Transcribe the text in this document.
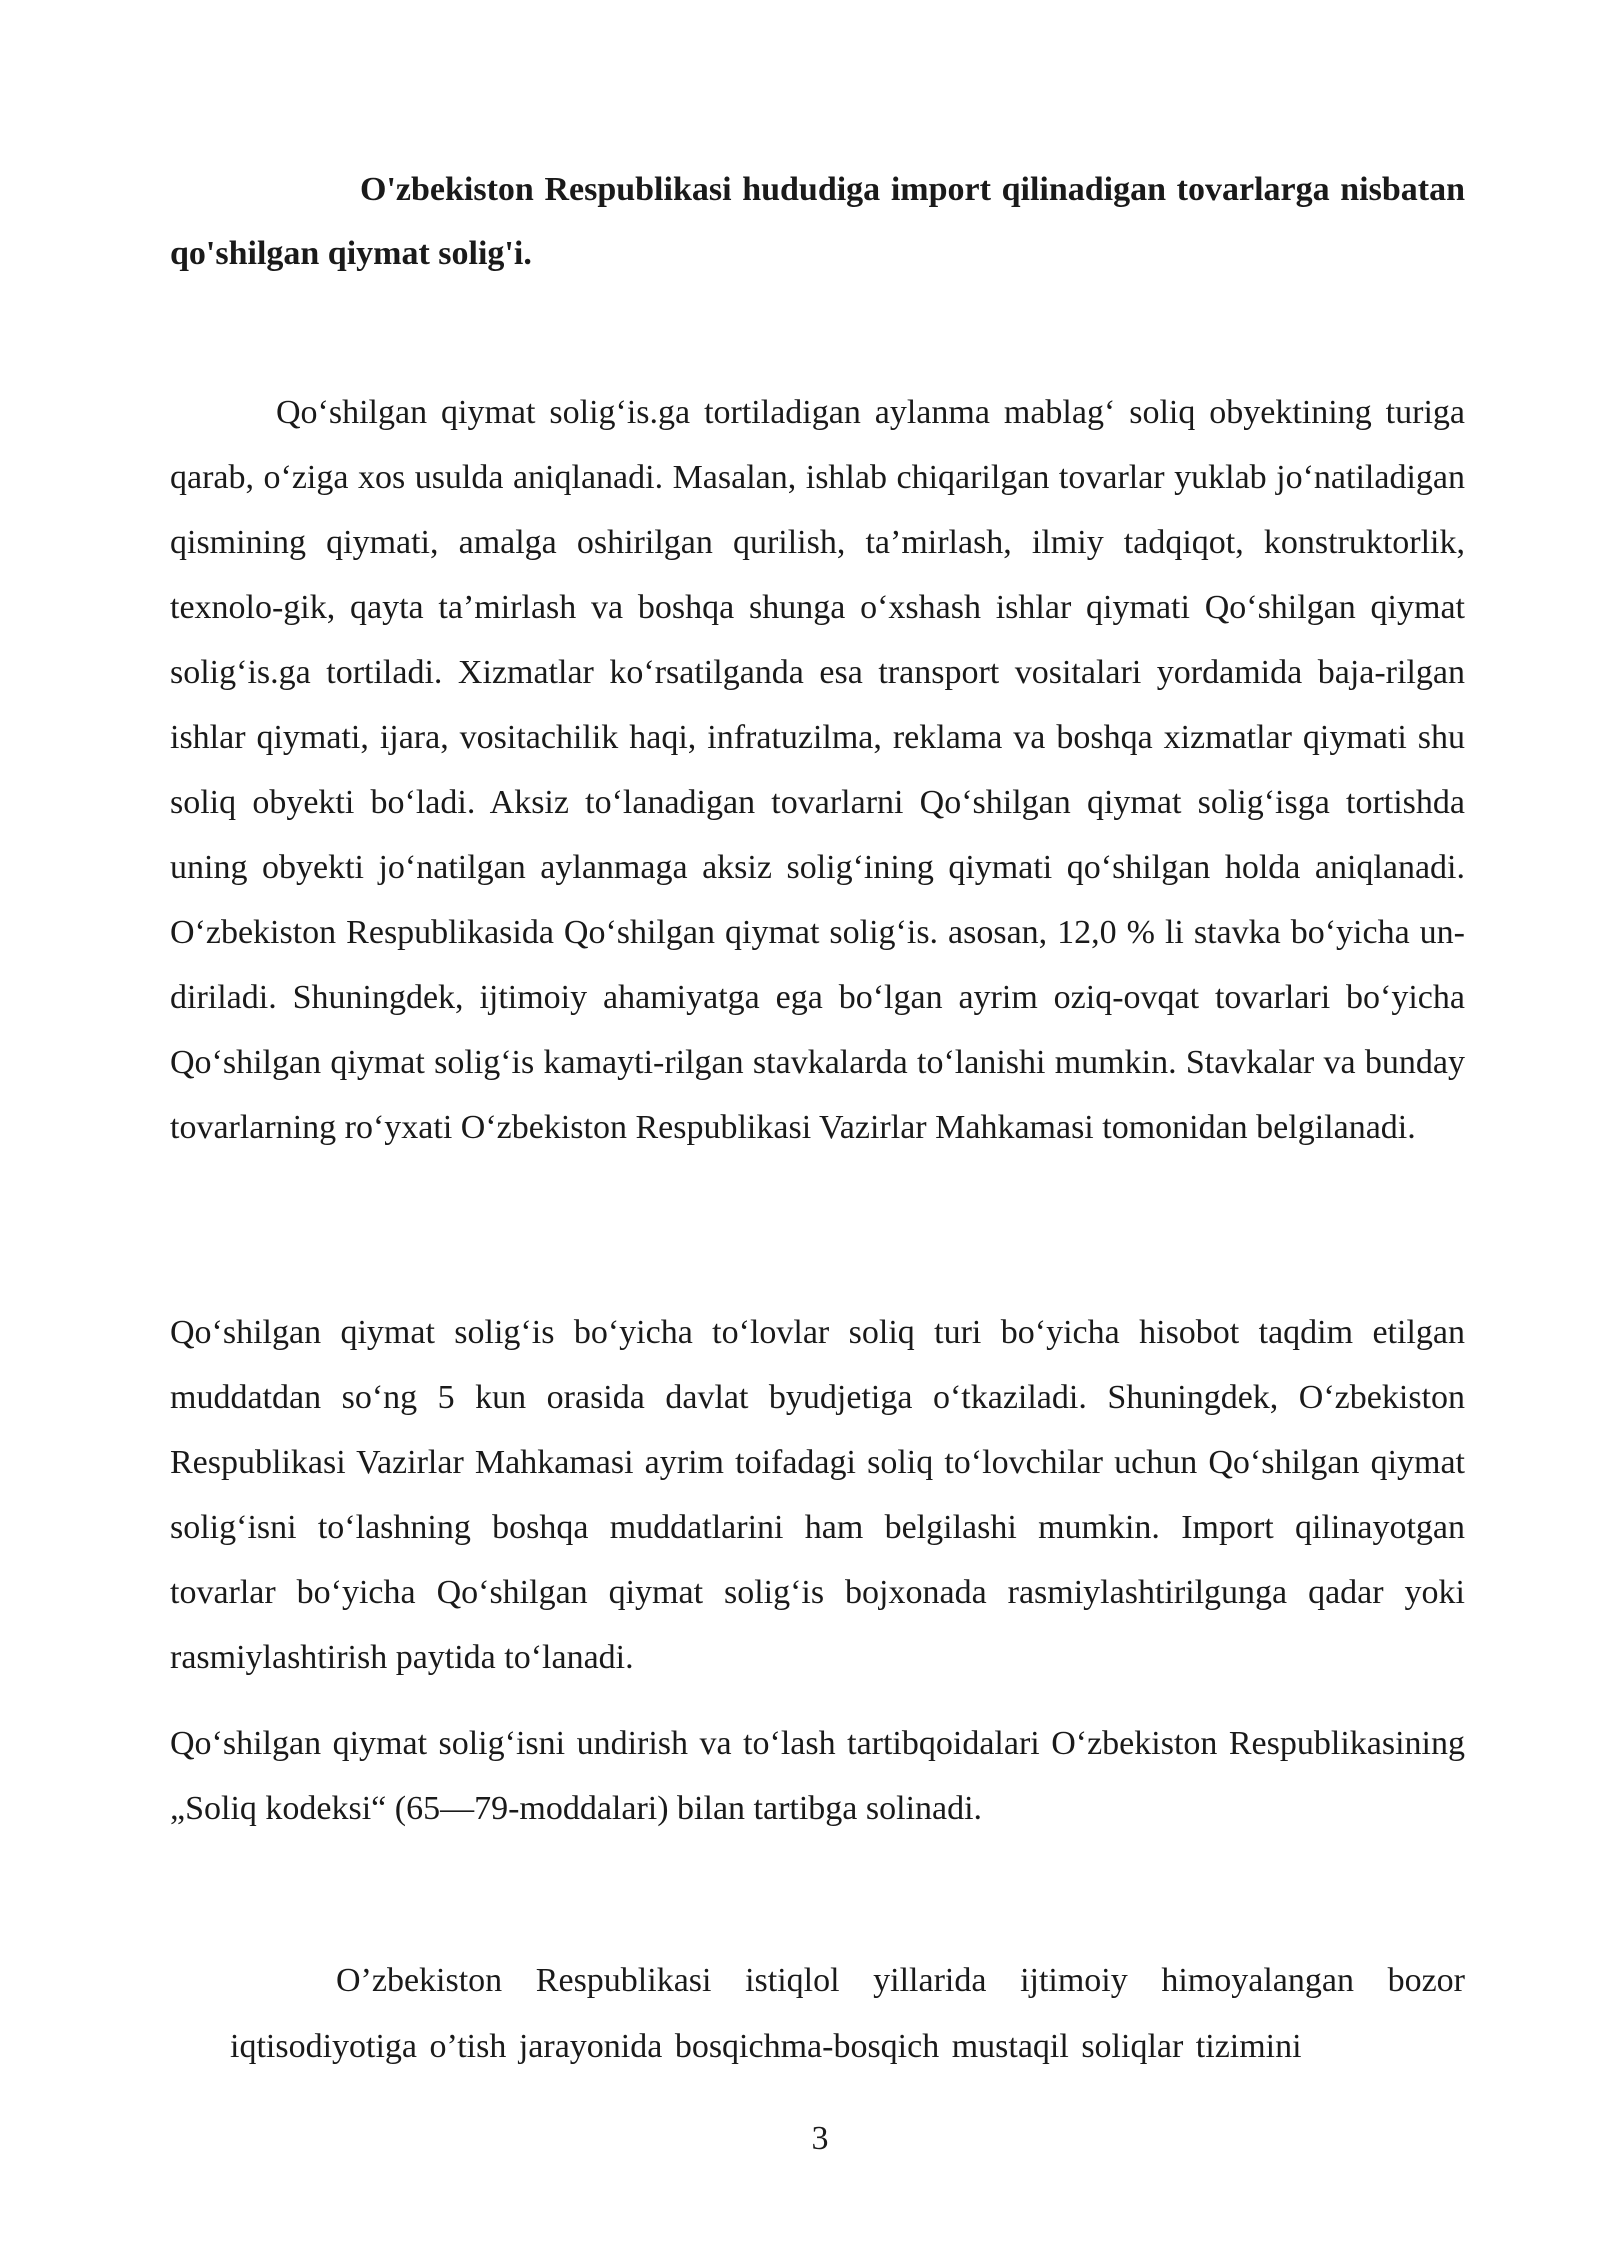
O'zbekiston Respublikasi hududiga import qilinadigan tovarlarga nisbatan qo'shilgan qiymat solig'i.

Qo‘shilgan qiymat solig‘is.ga tortiladigan aylanma mablag‘ soliq obyektining turiga qarab, o‘ziga xos usulda aniqlanadi. Masalan, ishlab chiqarilgan tovarlar yuklab jo‘natiladigan qismining qiymati, amalga oshirilgan qurilish, ta’mirlash, ilmiy tadqiqot, konstruktorlik, texnolo-gik, qayta ta’mirlash va boshqa shunga o‘xshash ishlar qiymati Qo‘shilgan qiymat solig‘is.ga tortiladi. Xizmatlar ko‘rsatilganda esa transport vositalari yordamida baja-rilgan ishlar qiymati, ijara, vositachilik haqi, infratuzilma, reklama va boshqa xizmatlar qiymati shu soliq obyekti bo‘ladi. Aksiz to‘lanadigan tovarlarni Qo‘shilgan qiymat solig‘isga tortishda uning obyekti jo‘natilgan aylanmaga aksiz solig‘ining qiymati qo‘shilgan holda aniqlanadi. O‘zbekiston Respublikasida Qo‘shilgan qiymat solig‘is. asosan, 12,0 % li stavka bo‘yicha un-diriladi. Shuningdek, ijtimoiy ahamiyatga ega bo‘lgan ayrim oziq-ovqat tovarlari bo‘yicha Qo‘shilgan qiymat solig‘is kamayti-rilgan stavkalarda to‘lanishi mumkin. Stavkalar va bunday tovarlarning ro‘yxati O‘zbekiston Respublikasi Vazirlar Mahkamasi tomonidan belgilanadi.

Qo‘shilgan qiymat solig‘is bo‘yicha to‘lovlar soliq turi bo‘yicha hisobot taqdim etilgan muddatdan so‘ng 5 kun orasida davlat byudjetiga o‘tkaziladi. Shuningdek, O‘zbekiston Respublikasi Vazirlar Mahkamasi ayrim toifadagi soliq to‘lovchilar uchun Qo‘shilgan qiymat solig‘isni to‘lashning boshqa muddatlarini ham belgilashi mumkin. Import qilinayotgan tovarlar bo‘yicha Qo‘shilgan qiymat solig‘is bojxonada rasmiylashtirilgunga qadar yoki rasmiylashtirish paytida to‘lanadi.

Qo‘shilgan qiymat solig‘isni undirish va to‘lash tartibqoidalari O‘zbekiston Respublikasining „Soliq kodeksi“ (65—79-moddalari) bilan tartibga solinadi.

O’zbekiston Respublikasi istiqlol yillarida ijtimoiy himoyalangan bozor iqtisodiyotiga o’tish jarayonida bosqichma-bosqich mustaqil soliqlar tizimini

3
